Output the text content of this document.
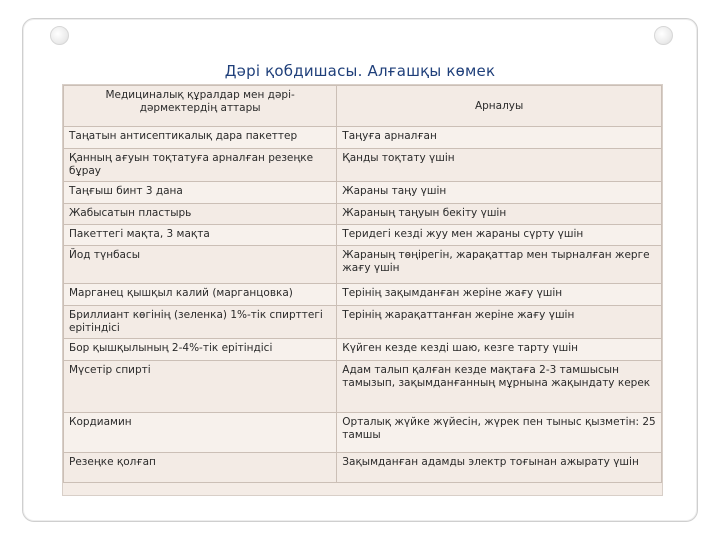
Дәрі қобдишасы. Алғашқы көмек
Медициналық құралдар мен дәрі-дәрмектердің аттары	Арналуы
Таңатын антисептикалық дара пакеттер	Таңуға арналған
Қанның ағуын тоқтатуға арналған резеңке бұрау	Қанды тоқтату үшін
Таңғыш бинт 3 дана	Жараны таңу үшін
Жабысатын пластырь	Жараның таңуын бекіту үшін
Пакеттегі мақта, 3 мақта	Теридегі кезді жуу мен жараны сүрту үшін
Йод түнбасы	Жараның төңірегін, жарақаттар мен тырналған жерге жағу үшін
Марганец қышқыл калий (марганцовка)	Терінің зақымданған жеріне жағу үшін
Бриллиант көгінің (зеленка) 1%-тік спирттегі ерітіндісі	Терінің жарақаттанған жеріне жағу үшін
Бор қышқылының 2-4%-тік ерітіндісі	Күйген кезде кезді шаю, кезге тарту үшін
Мүсетір спирті	Адам талып қалған кезде мақтаға 2-3 тамшысын тамызып, зақымданғанның мұрнына жақындату керек
Кордиамин	Орталық жүйке жүйесін, жүрек пен тыныс қызметін: 25 тамшы
Резеңке қолғап	Зақымданған адамды электр тоғынан ажырату үшін
